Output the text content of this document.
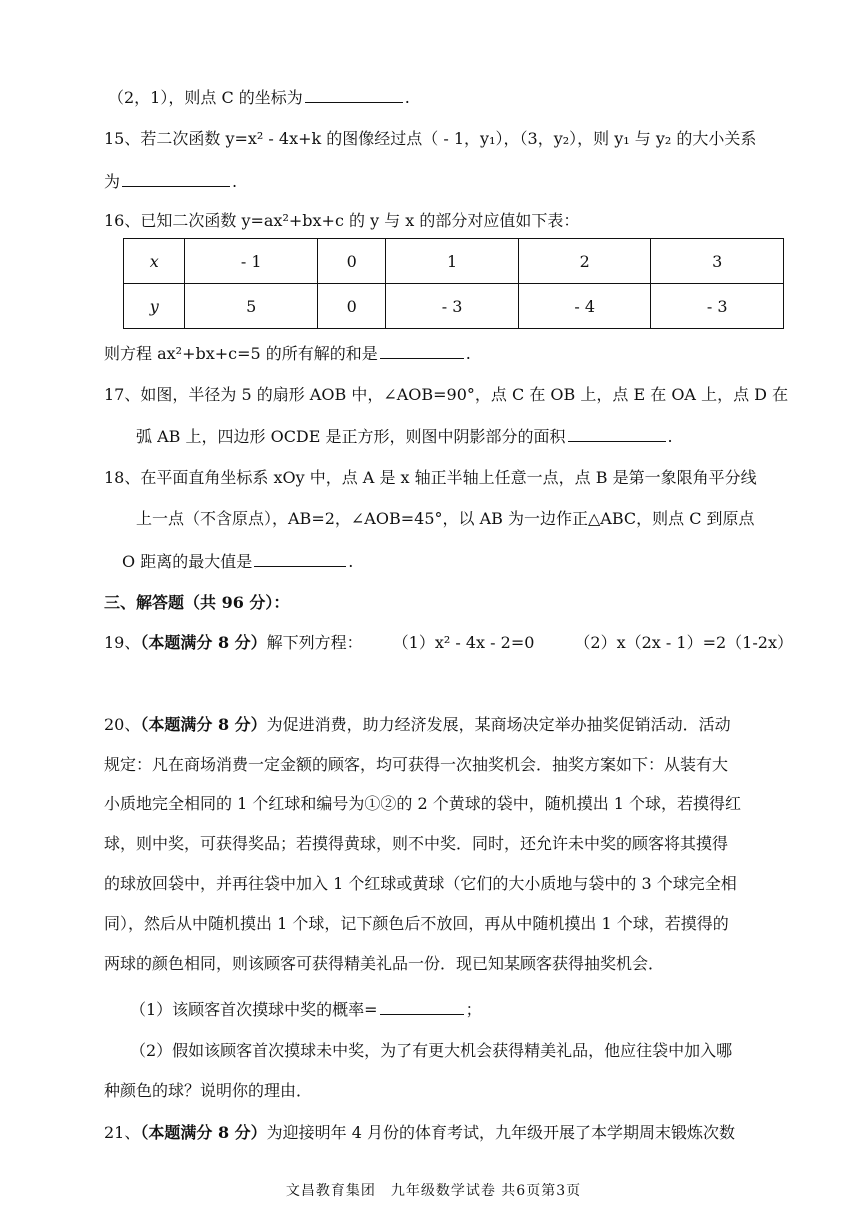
（2，1），则点 C 的坐标为	.
15、若二次函数 y=x² - 4x+k 的图像经过点（ - 1，y₁），（3，y₂），则 y₁ 与 y₂ 的大小关系
为	.
16、已知二次函数 y=ax²+bx+c 的 y 与 x 的部分对应值如下表：
x	- 1	0	1	2	3
y	5	0	- 3	- 4	- 3
则方程 ax²+bx+c=5 的所有解的和是	.
17、如图，半径为 5 的扇形 AOB 中，∠AOB=90°，点 C 在 OB 上，点 E 在 OA 上，点 D 在
弧 AB 上，四边形 OCDE 是正方形，则图中阴影部分的面积	.
18、在平面直角坐标系 xOy 中，点 A 是 x 轴正半轴上任意一点，点 B 是第一象限角平分线
上一点（不含原点），AB=2，∠AOB=45°，以 AB 为一边作正△ABC，则点 C 到原点
O 距离的最大值是	.
三、解答题（共 96 分）：
19、（本题满分 8 分）解下列方程： （1）x² - 4x - 2=0	（2）x（2x - 1）=2（1-2x）
20、（本题满分 8 分）为促进消费，助力经济发展，某商场决定举办抽奖促销活动．活动
规定：凡在商场消费一定金额的顾客，均可获得一次抽奖机会．抽奖方案如下：从装有大
小质地完全相同的 1 个红球和编号为①②的 2 个黄球的袋中，随机摸出 1 个球，若摸得红
球，则中奖，可获得奖品；若摸得黄球，则不中奖．同时，还允许未中奖的顾客将其摸得
的球放回袋中，并再往袋中加入 1 个红球或黄球（它们的大小质地与袋中的 3 个球完全相
同），然后从中随机摸出 1 个球，记下颜色后不放回，再从中随机摸出 1 个球，若摸得的
两球的颜色相同，则该顾客可获得精美礼品一份．现已知某顾客获得抽奖机会．
（1）该顾客首次摸球中奖的概率=	；
（2）假如该顾客首次摸球未中奖，为了有更大机会获得精美礼品，他应往袋中加入哪
种颜色的球？说明你的理由．
21、（本题满分 8 分）为迎接明年 4 月份的体育考试，九年级开展了本学期周末锻炼次数
文昌教育集团　九年级数学试卷 共6页第3页
